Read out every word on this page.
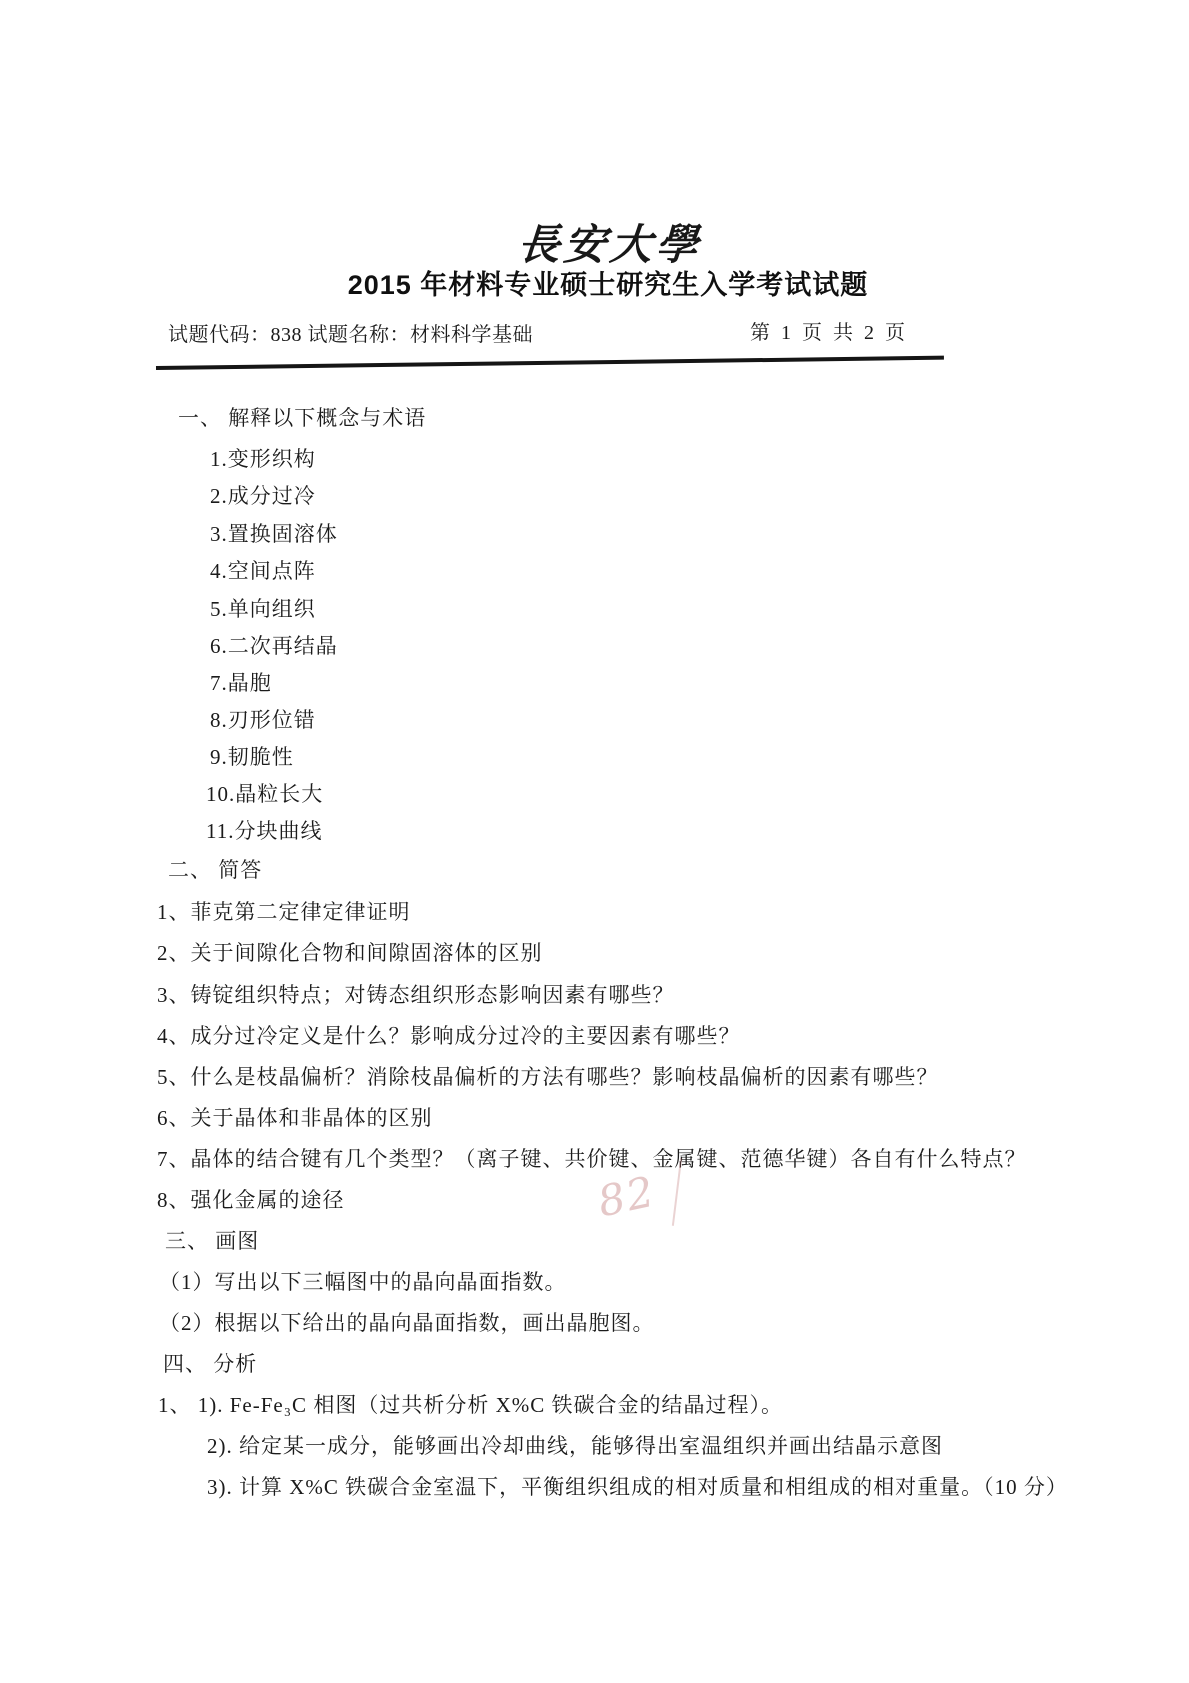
長安大學
2015 年材料专业硕士研究生入学考试试题
试题代码：838 试题名称：材料科学基础	第 1 页 共 2 页
一、 解释以下概念与术语
1.变形织构
2.成分过冷
3.置换固溶体
4.空间点阵
5.单向组织
6.二次再结晶
7.晶胞
8.刃形位错
9.韧脆性
10.晶粒长大
11.分块曲线
二、 简答
1、菲克第二定律定律证明
2、关于间隙化合物和间隙固溶体的区别
3、铸锭组织特点；对铸态组织形态影响因素有哪些？
4、成分过冷定义是什么？影响成分过冷的主要因素有哪些？
5、什么是枝晶偏析？消除枝晶偏析的方法有哪些？影响枝晶偏析的因素有哪些？
6、关于晶体和非晶体的区别
7、晶体的结合键有几个类型？（离子键、共价键、金属键、范德华键）各自有什么特点？
8、强化金属的途径
三、 画图
（1）写出以下三幅图中的晶向晶面指数。
（2）根据以下给出的晶向晶面指数，画出晶胞图。
四、 分析
1、 1). Fe-Fe₃C 相图（过共析分析 X%C 铁碳合金的结晶过程）。
2). 给定某一成分，能够画出冷却曲线，能够得出室温组织并画出结晶示意图
3). 计算 X%C 铁碳合金室温下，平衡组织组成的相对质量和相组成的相对重量。（10 分）
82
